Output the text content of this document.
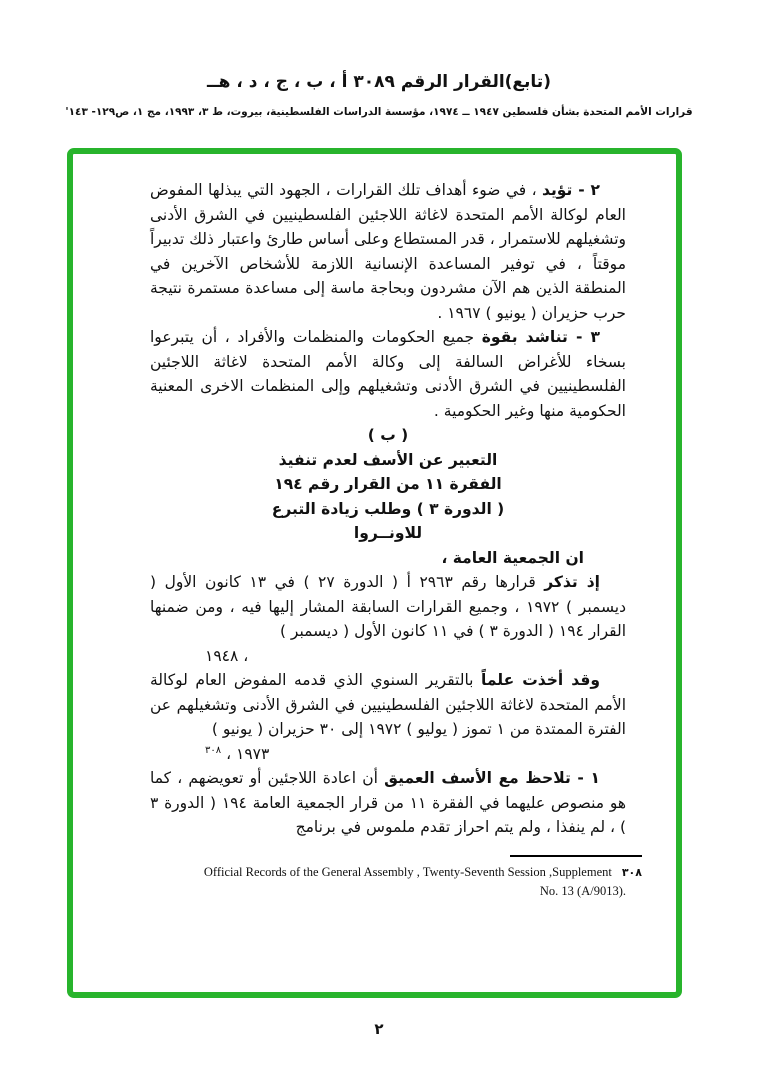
(تابع)القرار الرقم ٣٠٨٩ أ ، ب ، ج ، د ، هــ
قرارات الأمم المتحدة بشأن فلسطين ١٩٤٧ ــ ١٩٧٤، مؤسسة الدراسات الفلسطينية، بيروت، ط ٣، ١٩٩٣، مج ١، ص١٢٩- ١٤٣'

٢ - تؤيد ، في ضوء أهداف تلك القرارات ، الجهود التي يبذلها المفوض العام لوكالة الأمم المتحدة لاغاثة اللاجئين الفلسطينيين في الشرق الأدنى وتشغيلهم للاستمرار ، قدر المستطاع وعلى أساس طارئ واعتبار ذلك تدبيراً موقتاً ، في توفير المساعدة الإنسانية اللازمة للأشخاص الآخرين في المنطقة الذين هم الآن مشردون وبحاجة ماسة إلى مساعدة مستمرة نتيجة حرب حزيران ( يونيو ) ١٩٦٧ .

٣ - تناشد بقوة جميع الحكومات والمنظمات والأفراد ، أن يتبرعوا بسخاء للأغراض السالفة إلى وكالة الأمم المتحدة لاغاثة اللاجئين الفلسطينيين في الشرق الأدنى وتشغيلهم وإلى المنظمات الاخرى المعنية الحكومية منها وغير الحكومية .

( ب )

التعبير عن الأسف لعدم تنفيذ

الفقرة ١١ من القرار رقم ١٩٤

( الدورة ٣ ) وطلب زيادة التبرع

للاونــروا

ان الجمعية العامة ،

إذ تذكر قرارها رقم ٢٩٦٣ أ ( الدورة ٢٧ ) في ١٣ كانون الأول ( ديسمبر ) ١٩٧٢ ، وجميع القرارات السابقة المشار إليها فيه ، ومن ضمنها القرار ١٩٤ ( الدورة ٣ ) في ١١ كانون الأول ( ديسمبر )

١٩٤٨ ،

وقد أخذت علماً بالتقرير السنوي الذي قدمه المفوض العام لوكالة الأمم المتحدة لاغاثة اللاجئين الفلسطينيين في الشرق الأدنى وتشغيلهم عن الفترة الممتدة من ١ تموز ( يوليو ) ١٩٧٢ إلى ٣٠ حزيران ( يونيو )

١٩٧٣ ، $^{٣٠٨}$

١ - تلاحظ مع الأسف العميق أن اعادة اللاجئين أو تعويضهم ، كما هو منصوص عليهما في الفقرة ١١ من قرار الجمعية العامة ١٩٤ ( الدورة ٣ ) ، لم ينفذا ، ولم يتم احراز تقدم ملموس في برنامج

Official Records of the General Assembly , Twenty-Seventh Session ,Supplement ٣٠٨
No. 13 (A/9013).
٢
